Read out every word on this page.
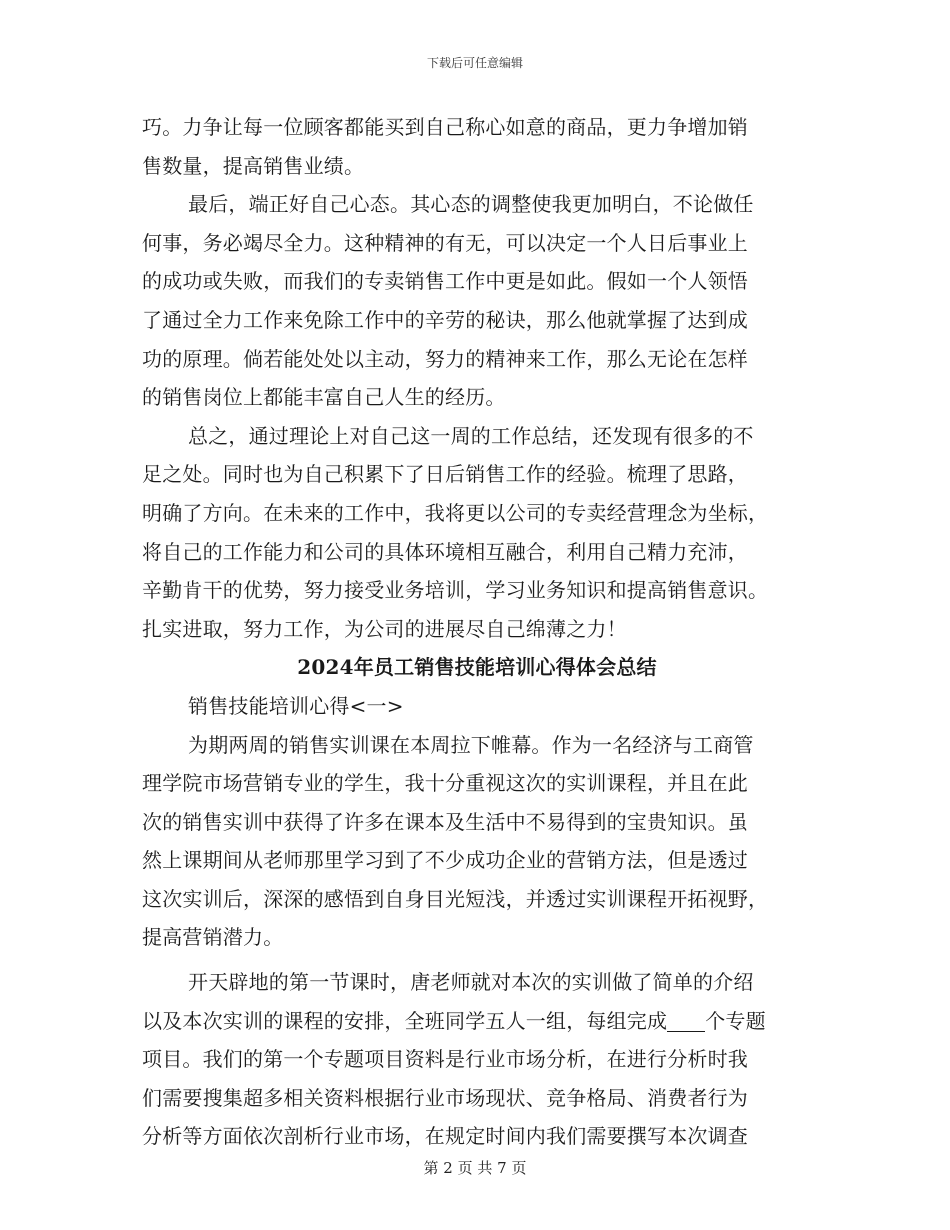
下载后可任意编辑
巧。力争让每一位顾客都能买到自己称心如意的商品，更力争增加销
售数量，提高销售业绩。
最后，端正好自己心态。其心态的调整使我更加明白，不论做任
何事，务必竭尽全力。这种精神的有无，可以决定一个人日后事业上
的成功或失败，而我们的专卖销售工作中更是如此。假如一个人领悟
了通过全力工作来免除工作中的辛劳的秘诀，那么他就掌握了达到成
功的原理。倘若能处处以主动，努力的精神来工作，那么无论在怎样
的销售岗位上都能丰富自己人生的经历。
总之，通过理论上对自己这一周的工作总结，还发现有很多的不
足之处。同时也为自己积累下了日后销售工作的经验。梳理了思路，
明确了方向。在未来的工作中，我将更以公司的专卖经营理念为坐标，
将自己的工作能力和公司的具体环境相互融合，利用自己精力充沛，
辛勤肯干的优势，努力接受业务培训，学习业务知识和提高销售意识。
扎实进取，努力工作，为公司的进展尽自己绵薄之力！
2024年员工销售技能培训心得体会总结
销售技能培训心得<一>
为期两周的销售实训课在本周拉下帷幕。作为一名经济与工商管
理学院市场营销专业的学生，我十分重视这次的实训课程，并且在此
次的销售实训中获得了许多在课本及生活中不易得到的宝贵知识。虽
然上课期间从老师那里学习到了不少成功企业的营销方法，但是透过
这次实训后，深深的感悟到自身目光短浅，并透过实训课程开拓视野，
提高营销潜力。
开天辟地的第一节课时，唐老师就对本次的实训做了简单的介绍
以及本次实训的课程的安排，全班同学五人一组，每组完成 个专题
项目。我们的第一个专题项目资料是行业市场分析，在进行分析时我
们需要搜集超多相关资料根据行业市场现状、竞争格局、消费者行为
分析等方面依次剖析行业市场，在规定时间内我们需要撰写本次调查
第 2 页 共 7 页
